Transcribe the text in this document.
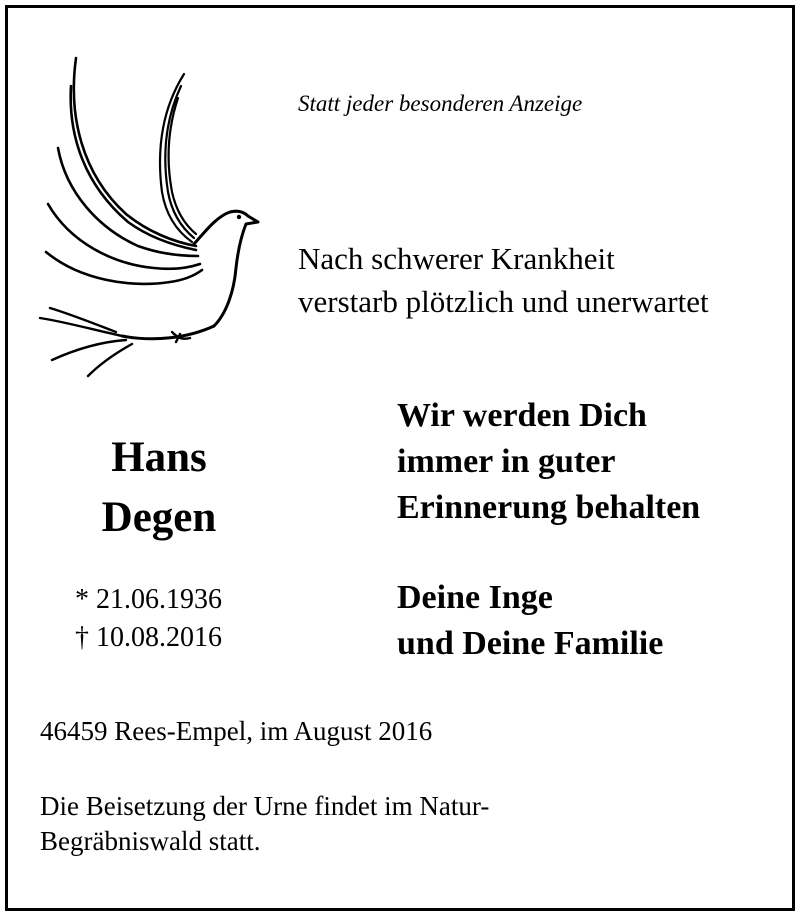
Statt jeder besonderen Anzeige
Nach schwerer Krankheit
verstarb plötzlich und unerwartet
Hans
Degen
* 21.06.1936
† 10.08.2016
Wir werden Dich
immer in guter
Erinnerung behalten
Deine Inge
und Deine Familie
46459 Rees-Empel, im August 2016
Die Beisetzung der Urne findet im Natur-
Begräbniswald statt.
